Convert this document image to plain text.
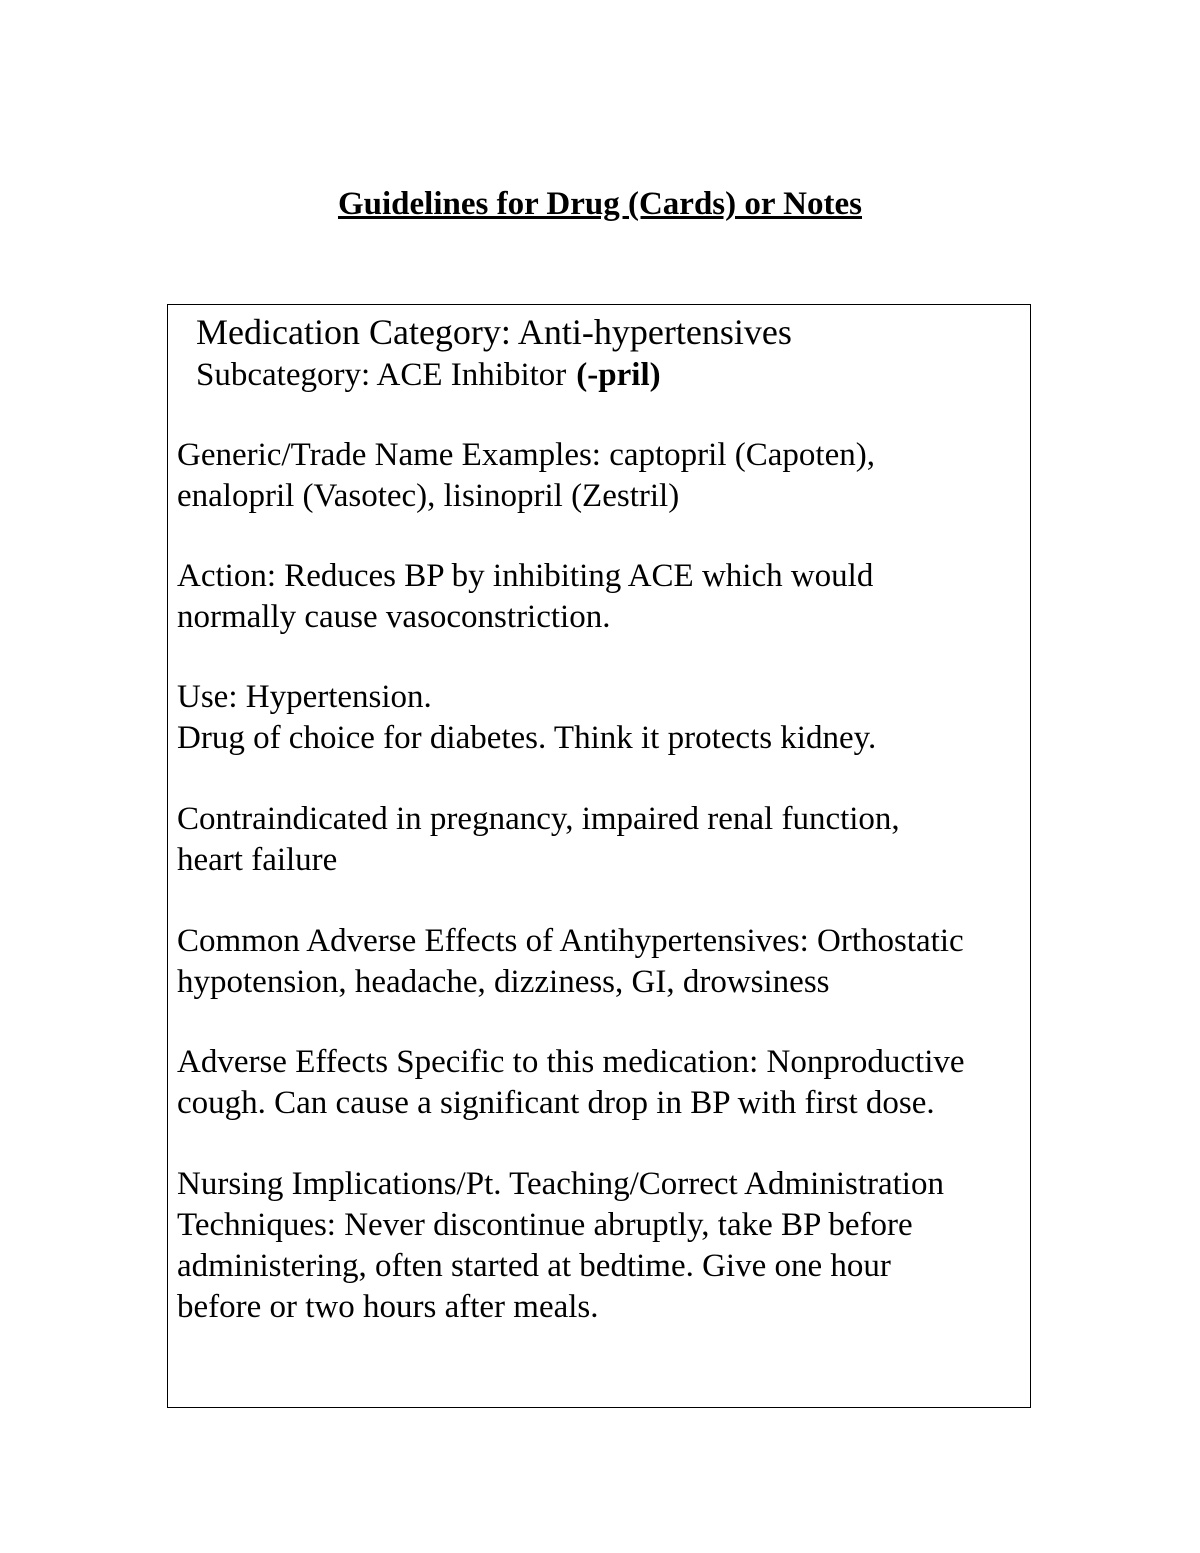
Guidelines for Drug (Cards) or Notes
Medication Category: Anti-hypertensives
Subcategory: ACE Inhibitor (-pril)
Generic/Trade Name Examples: captopril (Capoten),
enalopril (Vasotec), lisinopril (Zestril)
Action: Reduces BP by inhibiting ACE which would
normally cause vasoconstriction.
Use: Hypertension.
Drug of choice for diabetes. Think it protects kidney.
Contraindicated in pregnancy, impaired renal function,
heart failure
Common Adverse Effects of Antihypertensives: Orthostatic
hypotension, headache, dizziness, GI, drowsiness
Adverse Effects Specific to this medication: Nonproductive
cough. Can cause a significant drop in BP with first dose.
Nursing Implications/Pt. Teaching/Correct Administration
Techniques: Never discontinue abruptly, take BP before
administering, often started at bedtime. Give one hour
before or two hours after meals.
